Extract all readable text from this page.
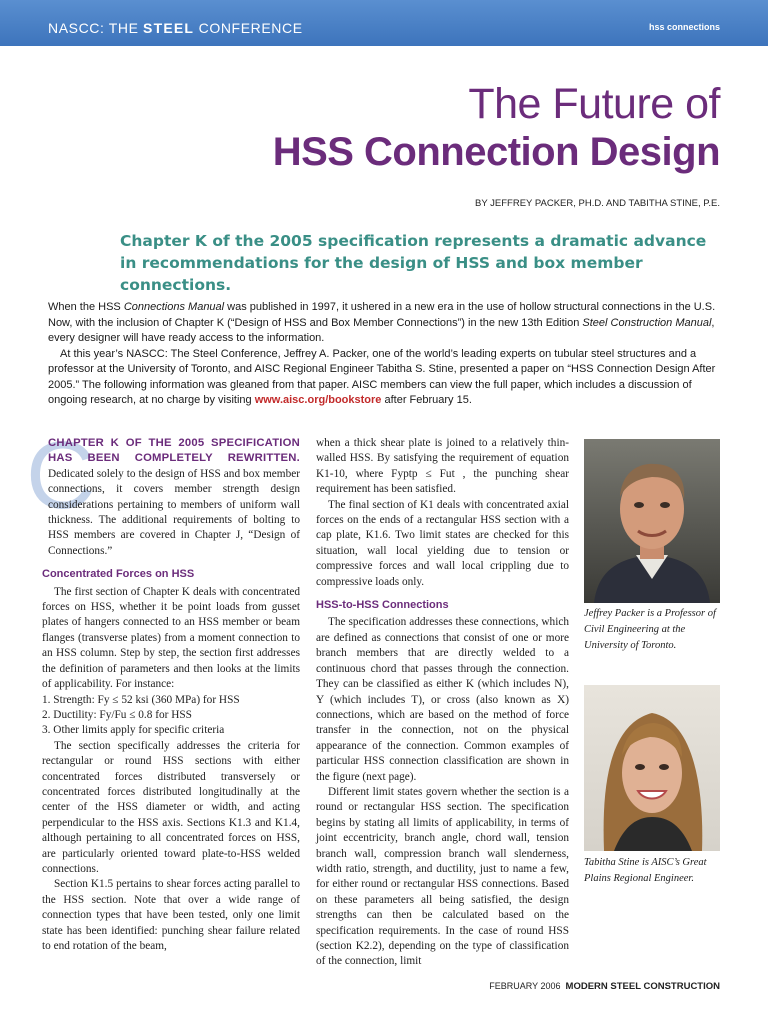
NASCC: THE STEEL CONFERENCE	hss connections
The Future of
HSS Connection Design
BY JEFFREY PACKER, PH.D. AND TABITHA STINE, P.E.
Chapter K of the 2005 specification represents a dramatic advance in recommendations for the design of HSS and box member connections.

When the HSS Connections Manual was published in 1997, it ushered in a new era in the use of hollow structural connections in the U.S. Now, with the inclusion of Chapter K (“Design of HSS and Box Member Connections”) in the new 13th Edition Steel Construction Manual, every designer will have ready access to the information.

At this year’s NASCC: The Steel Conference, Jeffrey A. Packer, one of the world’s leading experts on tubular steel structures and a professor at the University of Toronto, and AISC Regional Engineer Tabitha S. Stine, presented a paper on “HSS Connection Design After 2005.” The following information was gleaned from that paper. AISC members can view the full paper, which includes a discussion of ongoing research, at no charge by visiting www.aisc.org/bookstore after February 15.

C

CHAPTER K OF THE 2005 SPECIFICATION HAS BEEN COMPLETELY REWRITTEN. Dedicated solely to the design of HSS and box member connections, it covers member strength design considerations pertaining to members of uniform wall thickness. The additional requirements of bolting to HSS members are covered in Chapter J, “Design of Connections.”

Concentrated Forces on HSS

The first section of Chapter K deals with concentrated forces on HSS, whether it be point loads from gusset plates of hangers connected to an HSS member or beam flanges (transverse plates) from a moment connection to an HSS column. Step by step, the section first addresses the definition of parameters and then looks at the limits of applicability. For instance:

1. Strength: Fy ≤ 52 ksi (360 MPa) for HSS
2. Ductility: Fy/Fu ≤ 0.8 for HSS
3. Other limits apply for specific criteria

The section specifically addresses the criteria for rectangular or round HSS sections with either concentrated forces distributed transversely or concentrated forces distributed longitudinally at the center of the HSS diameter or width, and acting perpendicular to the HSS axis. Sections K1.3 and K1.4, although pertaining to all concentrated forces on HSS, are particularly oriented toward plate-to-HSS welded connections.

Section K1.5 pertains to shear forces acting parallel to the HSS section. Note that over a wide range of connection types that have been tested, only one limit state has been identified: punching shear failure related to end rotation of the beam,

when a thick shear plate is joined to a relatively thin-walled HSS. By satisfying the requirement of equation K1-10, where Fyptp ≤ Fut , the punching shear requirement has been satisfied.

The final section of K1 deals with concentrated axial forces on the ends of a rectangular HSS section with a cap plate, K1.6. Two limit states are checked for this situation, wall local yielding due to tension or compressive forces and wall local crippling due to compressive loads only.

HSS-to-HSS Connections

The specification addresses these connections, which are defined as connections that consist of one or more branch members that are directly welded to a continuous chord that passes through the connection. They can be classified as either K (which includes N), Y (which includes T), or cross (also known as X) connections, which are based on the method of force transfer in the connection, not on the physical appearance of the connection. Common examples of particular HSS connection classification are shown in the figure (next page).

Different limit states govern whether the section is a round or rectangular HSS section. The specification begins by stating all limits of applicability, in terms of joint eccentricity, branch angle, chord wall, tension branch wall, compression branch wall slenderness, width ratio, strength, and ductility, just to name a few, for either round or rectangular HSS connections. Based on these parameters all being satisfied, the design strengths can then be calculated based on the specification requirements. In the case of round HSS (section K2.2), depending on the type of classification of the connection, limit

Jeffrey Packer is a Professor of Civil Engineering at the University of Toronto.
Tabitha Stine is AISC’s Great Plains Regional Engineer.
FEBRUARY 2006 MODERN STEEL CONSTRUCTION
